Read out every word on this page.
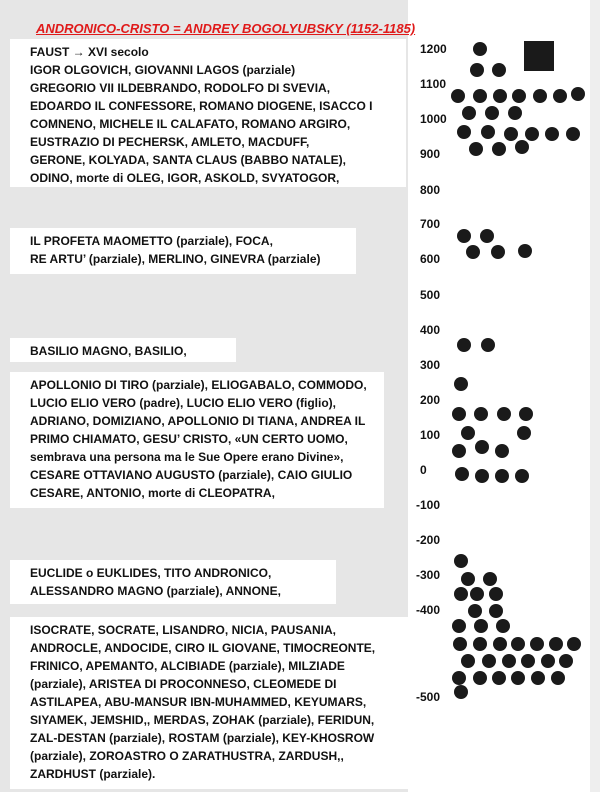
ANDRONICO-CRISTO = ANDREY BOGOLYUBSKY (1152-1185)
FAUST → XVI secolo
IGOR OLGOVICH, GIOVANNI LAGOS (parziale)
GREGORIO VII ILDEBRANDO, RODOLFO DI SVEVIA,
EDOARDO IL CONFESSORE, ROMANO DIOGENE, ISACCO I
COMNENO, MICHELE IL CALAFATO, ROMANO ARGIRO,
EUSTRAZIO DI PECHERSK, AMLETO, MACDUFF,
GERONE, KOLYADA, SANTA CLAUS (BABBO NATALE),
ODINO, morte di OLEG, IGOR, ASKOLD, SVYATOGOR,
IL PROFETA MAOMETTO (parziale), FOCA,
RE ARTU’ (parziale), MERLINO, GINEVRA (parziale)
BASILIO MAGNO, BASILIO,
APOLLONIO DI TIRO (parziale), ELIOGABALO, COMMODO,
LUCIO ELIO VERO (padre), LUCIO ELIO VERO (figlio),
ADRIANO, DOMIZIANO, APOLLONIO DI TIANA, ANDREA IL
PRIMO CHIAMATO, GESU’ CRISTO, «UN CERTO UOMO,
sembrava una persona ma le Sue Opere erano Divine»,
CESARE OTTAVIANO AUGUSTO (parziale), CAIO GIULIO
CESARE, ANTONIO, morte di CLEOPATRA,
EUCLIDE o EUKLIDES, TITO ANDRONICO,
ALESSANDRO MAGNO (parziale), ANNONE,
ISOCRATE, SOCRATE, LISANDRO, NICIA, PAUSANIA,
ANDROCLE, ANDOCIDE, CIRO IL GIOVANE, TIMOCREONTE,
FRINICO, APEMANTO, ALCIBIADE (parziale), MILZIADE
(parziale), ARISTEA DI PROCONNESO, CLEOMEDE DI
ASTILAPEA, ABU-MANSUR IBN-MUHAMMED, KEYUMARS,
SIYAMEK, JEMSHID,, MERDAS, ZOHAK (parziale), FERIDUN,
ZAL-DESTAN (parziale), ROSTAM (parziale), KEY-KHOSROW
(parziale), ZOROASTRO O ZARATHUSTRA, ZARDUSH,,
ZARDHUST (parziale).
1200
1100
1000
900
800
700
600
500
400
300
200
100
0
-100
-200
-300
-400
-500
